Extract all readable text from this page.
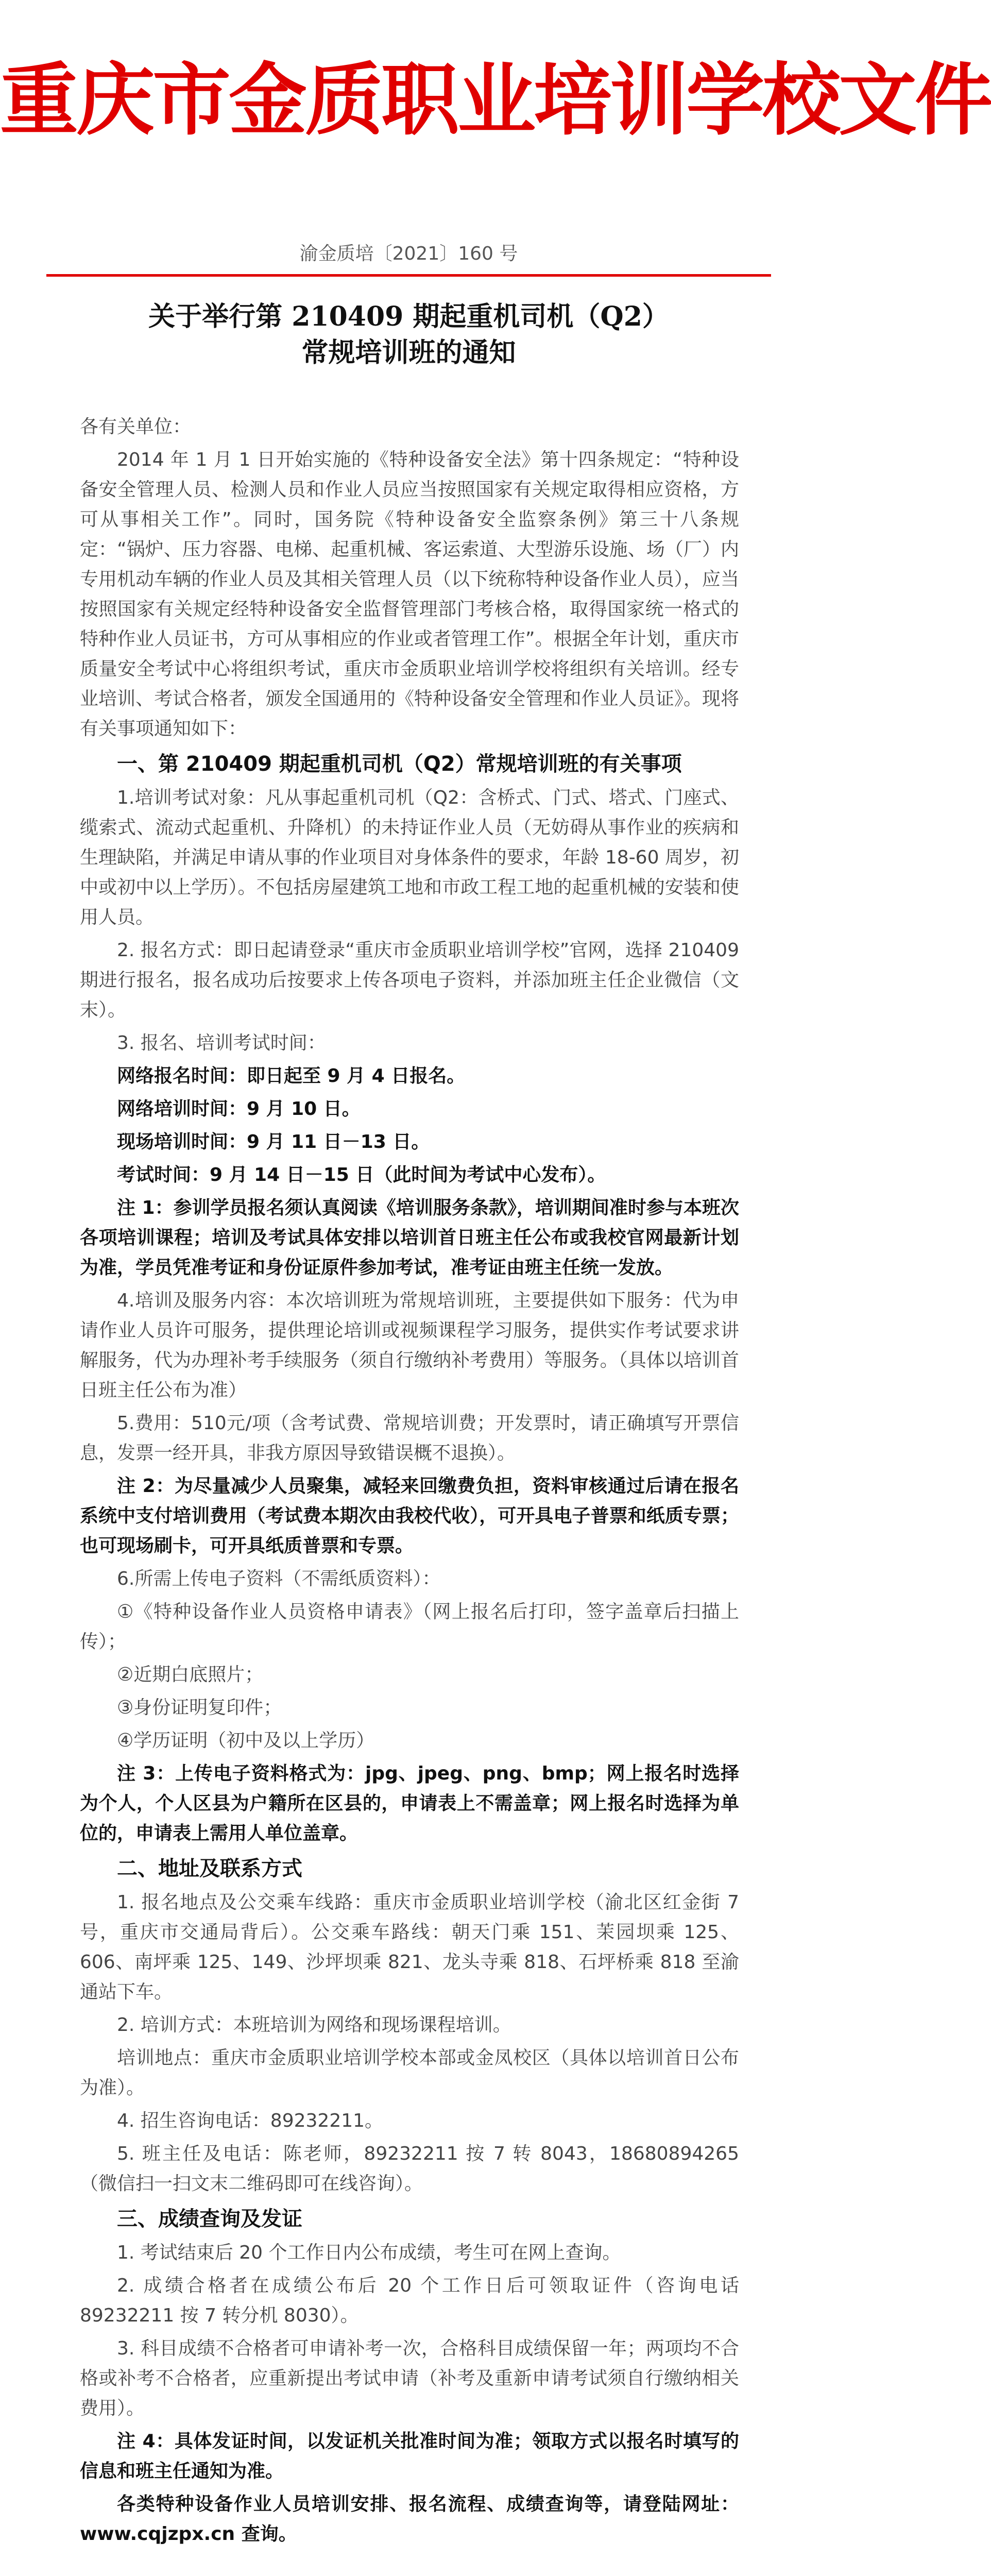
重庆市金质职业培训学校文件
渝金质培〔2021〕160 号
关于举行第 210409 期起重机司机（Q2）
常规培训班的通知

各有关单位：

2014 年 1 月 1 日开始实施的《特种设备安全法》第十四条规定：“特种设备安全管理人员、检测人员和作业人员应当按照国家有关规定取得相应资格，方可从事相关工作”。同时，国务院《特种设备安全监察条例》第三十八条规定：“锅炉、压力容器、电梯、起重机械、客运索道、大型游乐设施、场（厂）内专用机动车辆的作业人员及其相关管理人员（以下统称特种设备作业人员），应当按照国家有关规定经特种设备安全监督管理部门考核合格，取得国家统一格式的特种作业人员证书，方可从事相应的作业或者管理工作”。根据全年计划，重庆市质量安全考试中心将组织考试，重庆市金质职业培训学校将组织有关培训。经专业培训、考试合格者，颁发全国通用的《特种设备安全管理和作业人员证》。现将有关事项通知如下：

一、第 210409 期起重机司机（Q2）常规培训班的有关事项

1.培训考试对象：凡从事起重机司机（Q2：含桥式、门式、塔式、门座式、缆索式、流动式起重机、升降机）的未持证作业人员（无妨碍从事作业的疾病和生理缺陷，并满足申请从事的作业项目对身体条件的要求，年龄 18-60 周岁，初中或初中以上学历）。不包括房屋建筑工地和市政工程工地的起重机械的安装和使用人员。

2. 报名方式：即日起请登录“重庆市金质职业培训学校”官网，选择 210409期进行报名，报名成功后按要求上传各项电子资料，并添加班主任企业微信（文末）。

3. 报名、培训考试时间：

网络报名时间：即日起至 9 月 4 日报名。

网络培训时间：9 月 10 日。

现场培训时间：9 月 11 日－13 日。

考试时间：9 月 14 日－15 日（此时间为考试中心发布）。

注 1：参训学员报名须认真阅读《培训服务条款》，培训期间准时参与本班次各项培训课程；培训及考试具体安排以培训首日班主任公布或我校官网最新计划为准，学员凭准考证和身份证原件参加考试，准考证由班主任统一发放。

4.培训及服务内容：本次培训班为常规培训班，主要提供如下服务：代为申请作业人员许可服务，提供理论培训或视频课程学习服务，提供实作考试要求讲解服务，代为办理补考手续服务（须自行缴纳补考费用）等服务。（具体以培训首日班主任公布为准）

5.费用：510元/项（含考试费、常规培训费；开发票时，请正确填写开票信息，发票一经开具，非我方原因导致错误概不退换）。

注 2：为尽量减少人员聚集，减轻来回缴费负担，资料审核通过后请在报名系统中支付培训费用（考试费本期次由我校代收），可开具电子普票和纸质专票；也可现场刷卡，可开具纸质普票和专票。

6.所需上传电子资料（不需纸质资料）：

①《特种设备作业人员资格申请表》（网上报名后打印，签字盖章后扫描上传）；

②近期白底照片；

③身份证明复印件；

④学历证明（初中及以上学历）

注 3：上传电子资料格式为：jpg、jpeg、png、bmp；网上报名时选择为个人，个人区县为户籍所在区县的，申请表上不需盖章；网上报名时选择为单位的，申请表上需用人单位盖章。

二、地址及联系方式

1. 报名地点及公交乘车线路：重庆市金质职业培训学校（渝北区红金街 7 号，重庆市交通局背后）。公交乘车路线：朝天门乘 151、茉园坝乘 125、606、南坪乘 125、149、沙坪坝乘 821、龙头寺乘 818、石坪桥乘 818 至渝通站下车。

2. 培训方式：本班培训为网络和现场课程培训。

培训地点：重庆市金质职业培训学校本部或金凤校区（具体以培训首日公布为准）。

4. 招生咨询电话：89232211。

5. 班主任及电话：陈老师，89232211 按 7 转 8043，18680894265（微信扫一扫文末二维码即可在线咨询）。

三、成绩查询及发证

1. 考试结束后 20 个工作日内公布成绩，考生可在网上查询。

2. 成绩合格者在成绩公布后 20 个工作日后可领取证件（咨询电话 89232211 按 7 转分机 8030）。

3. 科目成绩不合格者可申请补考一次，合格科目成绩保留一年；两项均不合格或补考不合格者，应重新提出考试申请（补考及重新申请考试须自行缴纳相关费用）。

注 4：具体发证时间，以发证机关批准时间为准；领取方式以报名时填写的信息和班主任通知为准。

各类特种设备作业人员培训安排、报名流程、成绩查询等，请登陆网址：www.cqjzpx.cn 查询。
